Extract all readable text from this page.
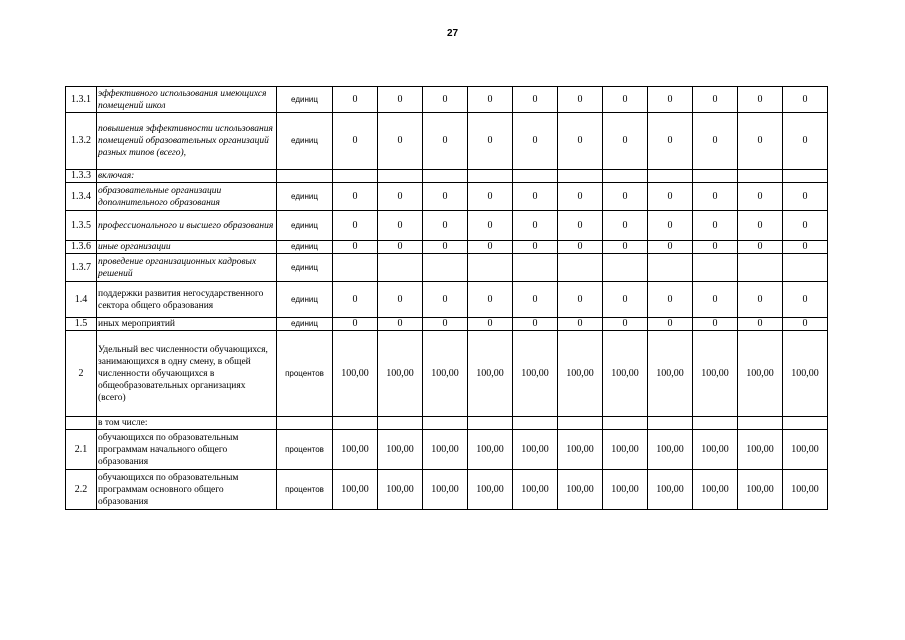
27
1.3.1	эффективного использования имеющихся помещений школ	единиц	0	0	0	0	0	0	0	0	0	0	0
1.3.2	повышения эффективности использования помещений образовательных организаций разных типов (всего),	единиц	0	0	0	0	0	0	0	0	0	0	0
1.3.3	включая:												
1.3.4	образовательные организации дополнительного образования	единиц	0	0	0	0	0	0	0	0	0	0	0
1.3.5	профессионального и высшего образования	единиц	0	0	0	0	0	0	0	0	0	0	0
1.3.6	иные организации	единиц	0	0	0	0	0	0	0	0	0	0	0
1.3.7	проведение организационных кадровых решений	единиц											
1.4	поддержки развития негосударственного сектора общего образования	единиц	0	0	0	0	0	0	0	0	0	0	0
1.5	иных мероприятий	единиц	0	0	0	0	0	0	0	0	0	0	0
2	Удельный вес численности обучающихся, занимающихся в одну смену, в общей численности обучающихся в общеобразовательных организациях (всего)	процентов	100,00	100,00	100,00	100,00	100,00	100,00	100,00	100,00	100,00	100,00	100,00
	в том числе:												
2.1	обучающихся по образовательным программам начального общего образования	процентов	100,00	100,00	100,00	100,00	100,00	100,00	100,00	100,00	100,00	100,00	100,00
2.2	обучающихся по образовательным программам основного общего образования	процентов	100,00	100,00	100,00	100,00	100,00	100,00	100,00	100,00	100,00	100,00	100,00
